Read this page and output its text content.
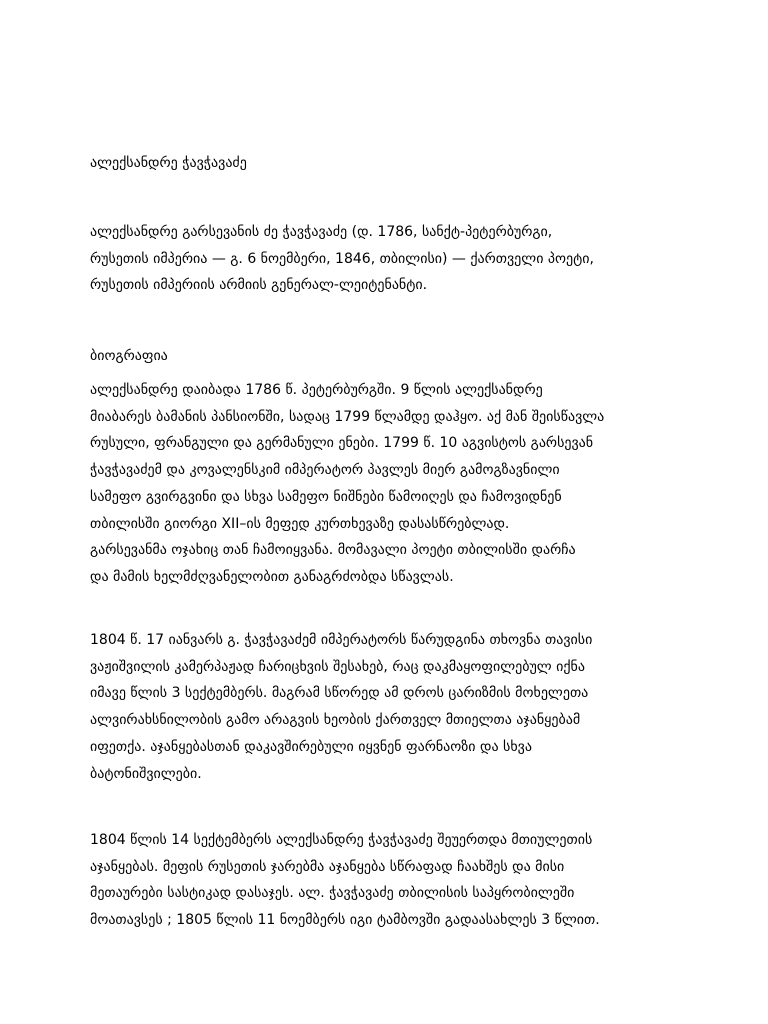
ალექსანდრე ჭავჭავაძე

ალექსანდრე გარსევანის ძე ჭავჭავაძე (დ. 1786, სანქტ-პეტერბურგი,
რუსეთის იმპერია — გ. 6 ნოემბერი, 1846, თბილისი) — ქართველი პოეტი,
რუსეთის იმპერიის არმიის გენერალ-ლეიტენანტი.

ბიოგრაფია

ალექსანდრე დაიბადა 1786 წ. პეტერბურგში. 9 წლის ალექსანდრე
მიაბარეს ბამანის პანსიონში, სადაც 1799 წლამდე დაჰყო. აქ მან შეისწავლა
რუსული, ფრანგული და გერმანული ენები. 1799 წ. 10 აგვისტოს გარსევან
ჭავჭავაძემ და კოვალენსკიმ იმპერატორ პავლეს მიერ გამოგზავნილი
სამეფო გვირგვინი და სხვა სამეფო ნიშნები წამოიღეს და ჩამოვიდნენ
თბილისში გიორგი XII–ის მეფედ კურთხევაზე დასასწრებლად.
გარსევანმა ოჯახიც თან ჩამოიყვანა. მომავალი პოეტი თბილისში დარჩა
და მამის ხელმძღვანელობით განაგრძობდა სწავლას.

1804 წ. 17 იანვარს გ. ჭავჭავაძემ იმპერატორს წარუდგინა თხოვნა თავისი
ვაჟიშვილის კამერპაჟად ჩარიცხვის შესახებ, რაც დაკმაყოფილებულ იქნა
იმავე წლის 3 სექტემბერს. მაგრამ სწორედ ამ დროს ცარიზმის მოხელეთა
ალვირახსნილობის გამო არაგვის ხეობის ქართველ მთიელთა აჯანყებამ
იფეთქა. აჯანყებასთან დაკავშირებული იყვნენ ფარნაოზი და სხვა
ბატონიშვილები.

1804 წლის 14 სექტემბერს ალექსანდრე ჭავჭავაძე შეუერთდა მთიულეთის
აჯანყებას. მეფის რუსეთის ჯარებმა აჯანყება სწრაფად ჩაახშეს და მისი
მეთაურები სასტიკად დასაჯეს. ალ. ჭავჭავაძე თბილისის საპყრობილეში
მოათავსეს ; 1805 წლის 11 ნოემბერს იგი ტამბოვში გადაასახლეს 3 წლით.
